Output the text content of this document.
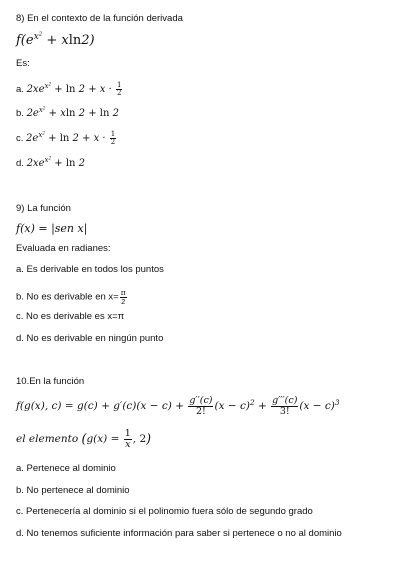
8) En el contexto de la función derivada
$f(e^{x^2} + xln2)$
Es:
a. $2xe^{x^2} + \ln 2 + x \cdot \frac{1}{2}$
b. $2e^{x^2} + xln$ 2 + ln 2
c. $2e^{x^2} + \ln 2 + x \cdot \frac{1}{2}$
d. $2xe^{x^2} + \ln 2$
9) La función
f(x) = |sen x|
Evaluada en radianes:
a. Es derivable en todos los puntos
b. No es derivable en $x= \frac{\pi}{2}$
c. No es derivable es x=π
d. No es derivable en ningún punto
10.En la función
f(g(x), $c) = g(c) + g'(c)(x - c) + \frac{g''(c)}{2!} (x - c)^2 + \frac{g'''(c)}{3!} (x - c)^3$
el elemento ($g(x) = \frac{1}{x}$ , 2)
a. Pertenece al dominio
b. No pertenece al dominio
c. Pertenecería al dominio si el polinomio fuera sólo de segundo grado
d. No tenemos suficiente información para saber si pertenece o no al dominio
